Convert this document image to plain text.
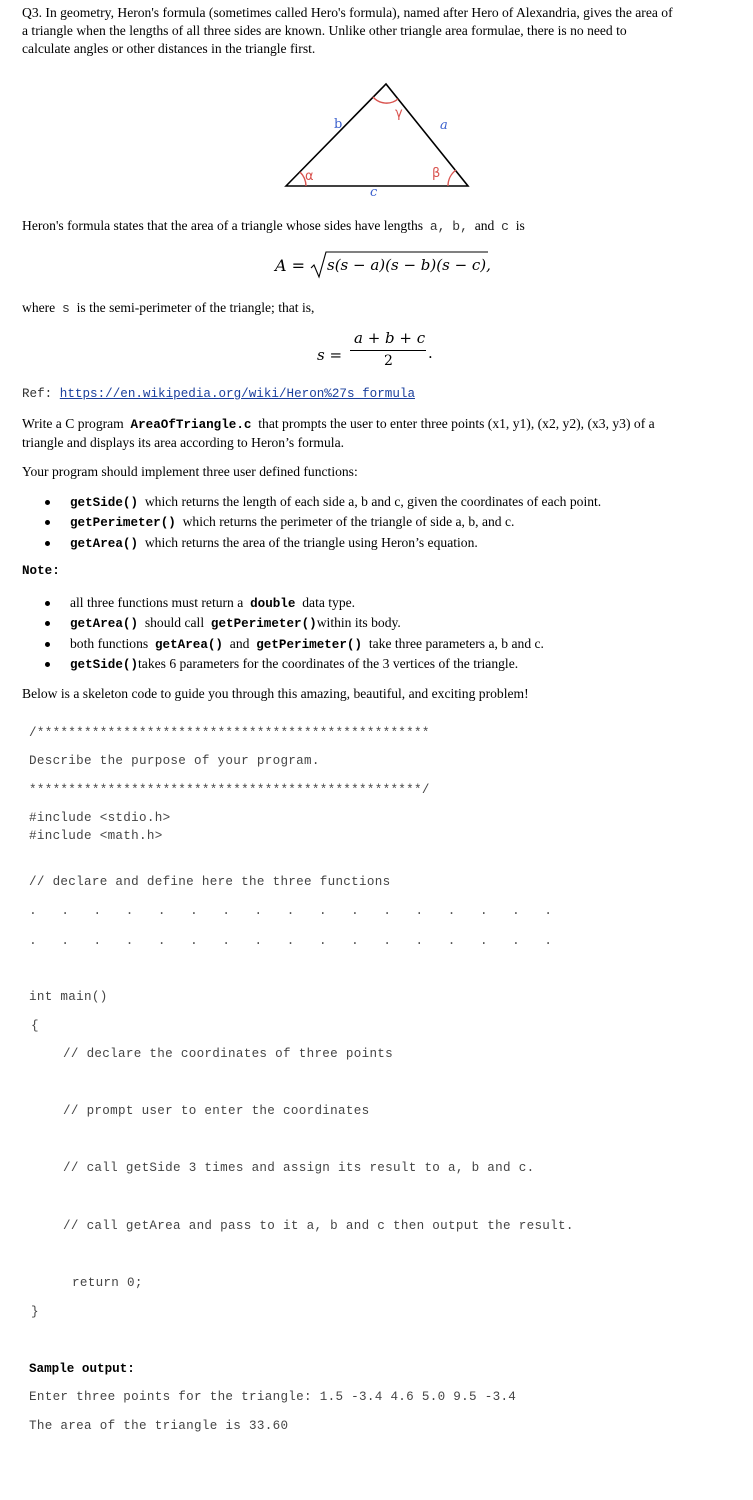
Q3. In geometry, Heron's formula (sometimes called Hero's formula), named after Hero of Alexandria, gives the area of
a triangle when the lengths of all three sides are known. Unlike other triangle area formulae, there is no need to
calculate angles or other distances in the triangle first.
b	a
c
γ
α	β
Heron's formula states that the area of a triangle whose sides have lengths a, b, and c is
A = s(s − a)(s − b)(s − c),
where s is the semi-perimeter of the triangle; that is,
s =
a + b + c
2 .
Ref: https://en.wikipedia.org/wiki/Heron%27s_formula
Write a C program AreaOfTriangle.c that prompts the user to enter three points (x1, y1), (x2, y2), (x3, y3) of a
triangle and displays its area according to Heron’s formula.
Your program should implement three user defined functions:
getSide() which returns the length of each side a, b and c, given the coordinates of each point.
getPerimeter() which returns the perimeter of the triangle of side a, b, and c.
getArea() which returns the area of the triangle using Heron’s equation.
Note:
all three functions must return a double data type.
getArea() should call getPerimeter()within its body.
both functions getArea() and getPerimeter() take three parameters a, b and c.
getSide()takes 6 parameters for the coordinates of the 3 vertices of the triangle.
Below is a skeleton code to guide you through this amazing, beautiful, and exciting problem!
/**************************************************
Describe the purpose of your program.
**************************************************/
#include <stdio.h>
#include <math.h>
// declare and define here the three functions
. . . . . . . . . . . . . . . . .
. . . . . . . . . . . . . . . . .
int main()
{
// declare the coordinates of three points
// prompt user to enter the coordinates
// call getSide 3 times and assign its result to a, b and c.
// call getArea and pass to it a, b and c then output the result.
return 0;
}
Sample output:
Enter three points for the triangle: 1.5 -3.4 4.6 5.0 9.5 -3.4
The area of the triangle is 33.60
